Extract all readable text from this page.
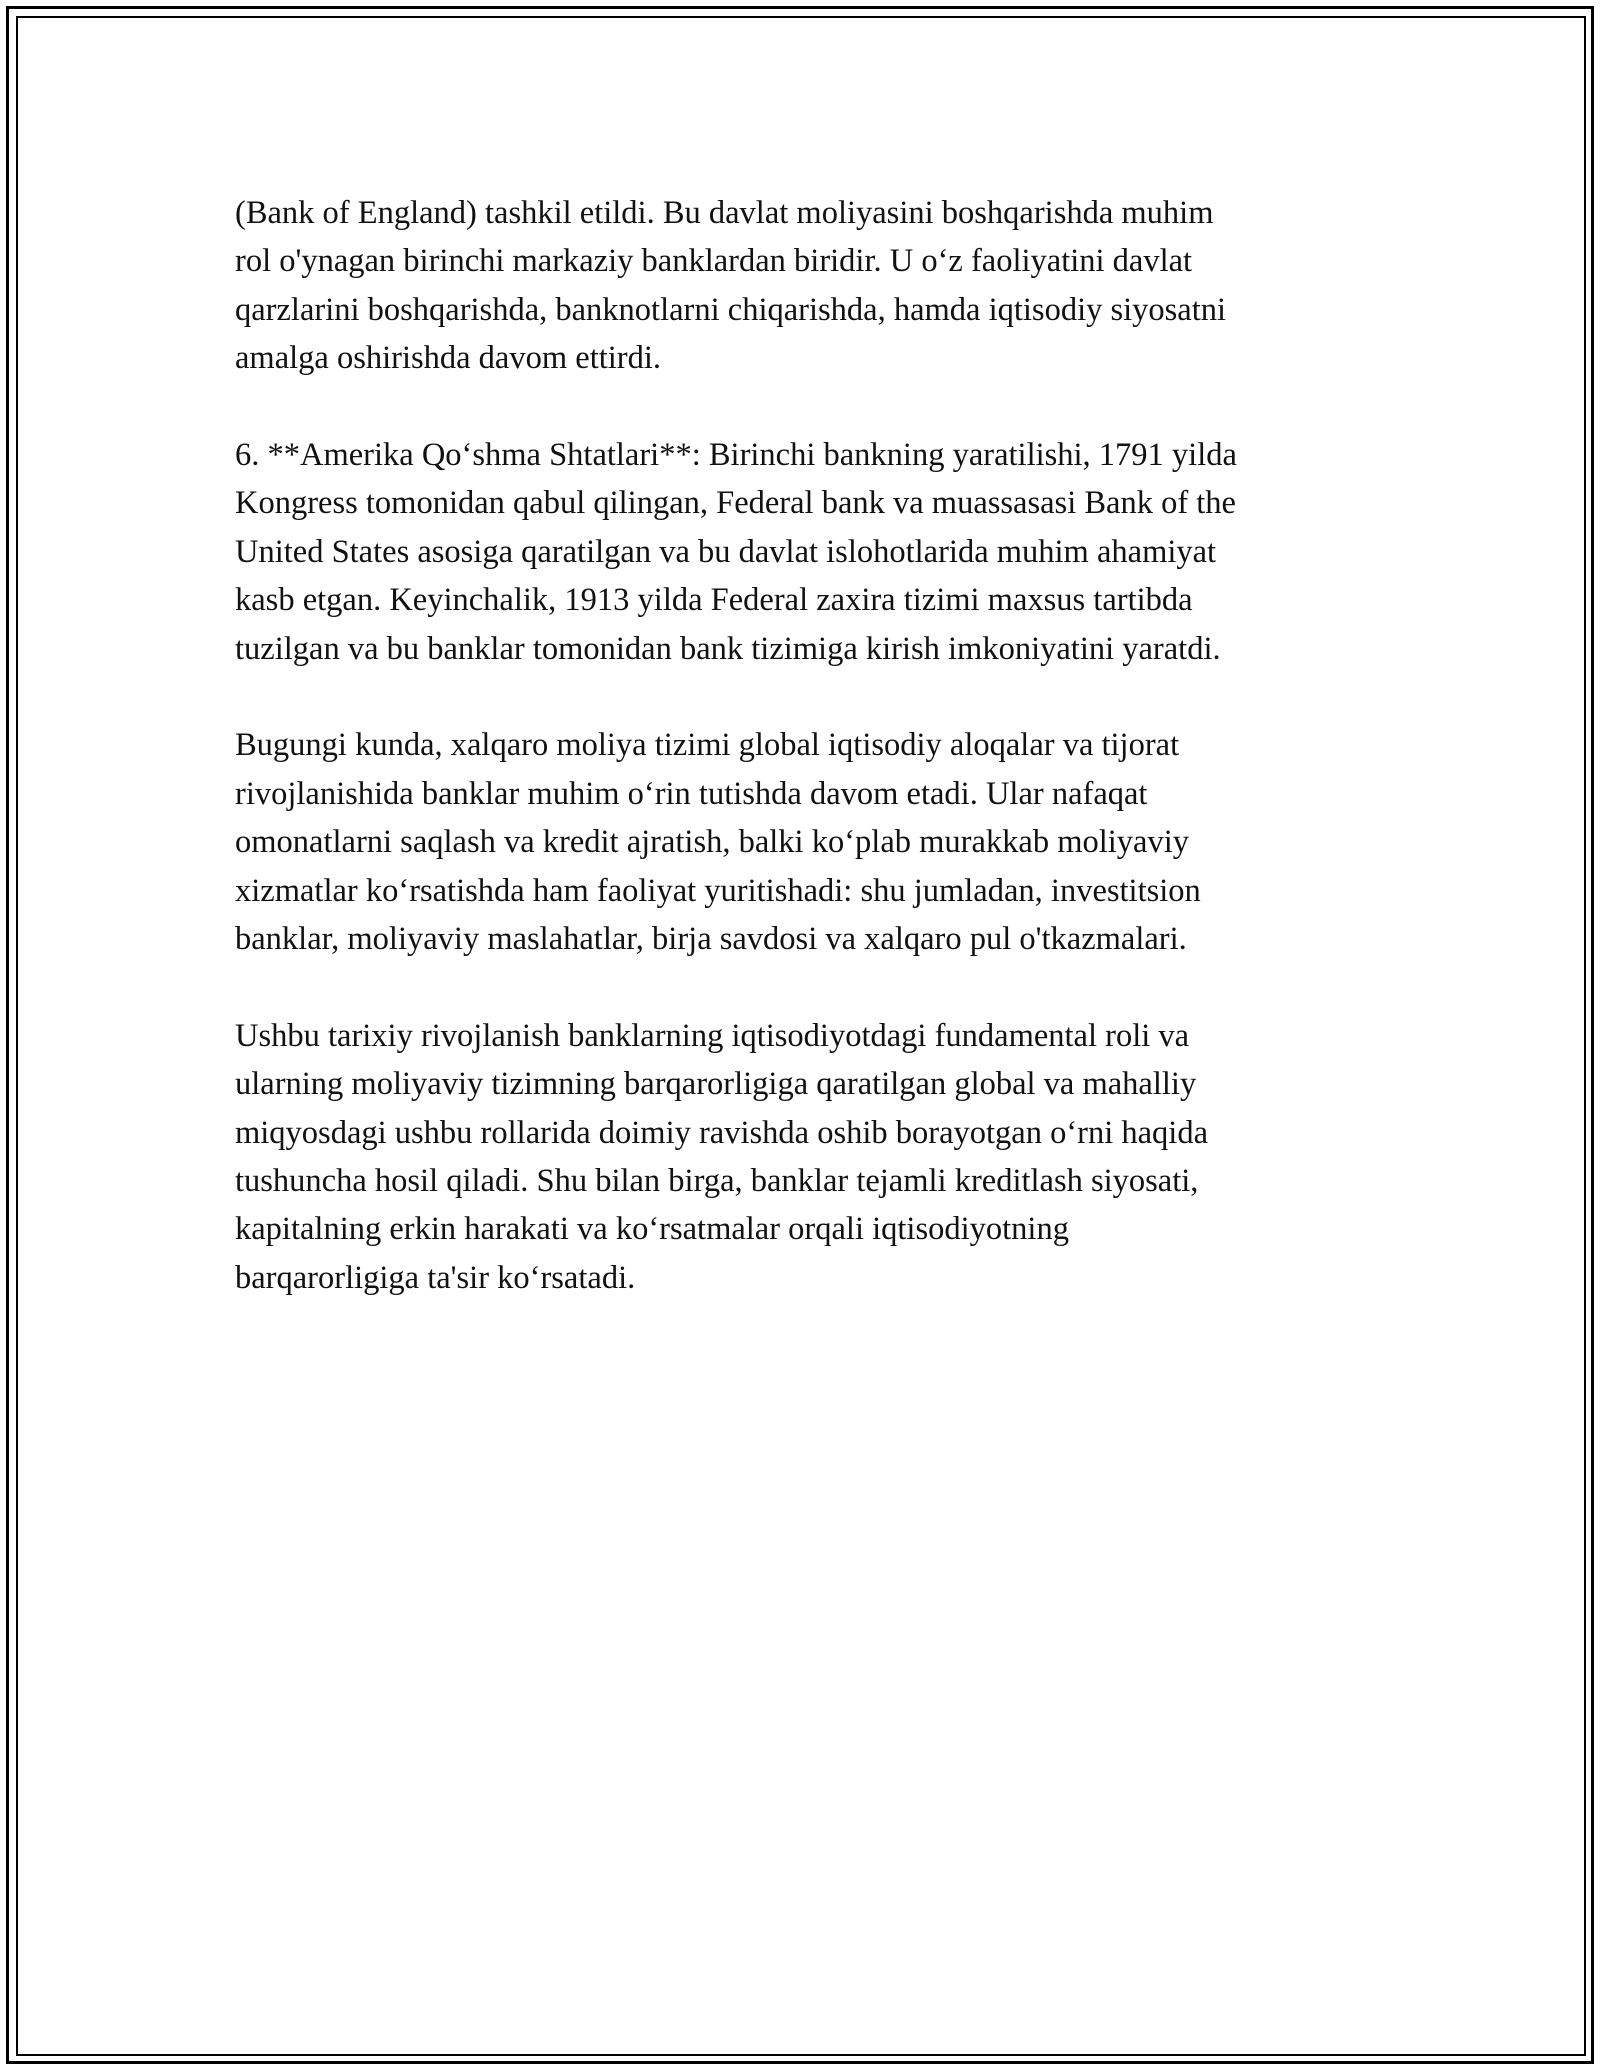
(Bank of England) tashkil etildi. Bu davlat moliyasini boshqarishda muhim
rol o'ynagan birinchi markaziy banklardan biridir. U oʻz faoliyatini davlat
qarzlarini boshqarishda, banknotlarni chiqarishda, hamda iqtisodiy siyosatni
amalga oshirishda davom ettirdi.

6. **Amerika Qoʻshma Shtatlari**: Birinchi bankning yaratilishi, 1791 yilda
Kongress tomonidan qabul qilingan, Federal bank va muassasasi Bank of the
United States asosiga qaratilgan va bu davlat islohotlarida muhim ahamiyat
kasb etgan. Keyinchalik, 1913 yilda Federal zaxira tizimi maxsus tartibda
tuzilgan va bu banklar tomonidan bank tizimiga kirish imkoniyatini yaratdi.

Bugungi kunda, xalqaro moliya tizimi global iqtisodiy aloqalar va tijorat
rivojlanishida banklar muhim oʻrin tutishda davom etadi. Ular nafaqat
omonatlarni saqlash va kredit ajratish, balki koʻplab murakkab moliyaviy
xizmatlar koʻrsatishda ham faoliyat yuritishadi: shu jumladan, investitsion
banklar, moliyaviy maslahatlar, birja savdosi va xalqaro pul o'tkazmalari.

Ushbu tarixiy rivojlanish banklarning iqtisodiyotdagi fundamental roli va
ularning moliyaviy tizimning barqarorligiga qaratilgan global va mahalliy
miqyosdagi ushbu rollarida doimiy ravishda oshib borayotgan oʻrni haqida
tushuncha hosil qiladi. Shu bilan birga, banklar tejamli kreditlash siyosati,
kapitalning erkin harakati va koʻrsatmalar orqali iqtisodiyotning
barqarorligiga ta'sir koʻrsatadi.
